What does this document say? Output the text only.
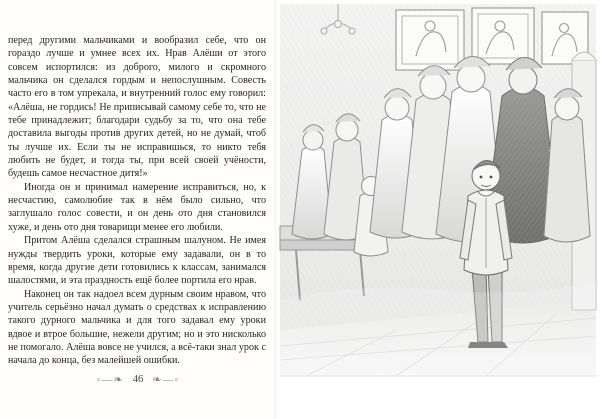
перед другими мальчиками и вообразил себе, что он гораздо лучше и умнее всех их. Нрав Алёши от этого совсем испортился: из доброго, милого и скромного мальчика он сделался гордым и непослушным. Совесть часто его в том упрекала, и внутренний голос ему говорил: «Алёша, не гордись! Не приписывай самому себе то, что не тебе принадлежит; благодари судьбу за то, что она тебе доставила выгоды против других детей, но не думай, чтоб ты лучше их. Если ты не исправишься, то никто тебя любить не будет, и тогда ты, при всей своей учёности, будешь самое несчастное дитя!»

Иногда он и принимал намерение исправиться, но, к несчастию, самолюбие так в нём было сильно, что заглушало голос совести, и он день ото дня становился хуже, и день ото дня товарищи менее его любили.

Притом Алёша сделался страшным шалуном. Не имея нужды твердить уроки, которые ему задавали, он в то время, когда другие дети готовились к классам, занимался шалостями, и эта праздность ещё более портила его нрав.

Наконец он так надоел всем дурным своим нравом, что учитель серьёзно начал думать о средствах к исправлению такого дурного мальчика и для того задавал ему уроки вдвое и втрое большие, нежели другим; но и это нисколько не помогало. Алёша вовсе не учился, а всё-таки знал урок с начала до конца, без малейшей ошибки.

◦—❧ 46 ❧—◦
